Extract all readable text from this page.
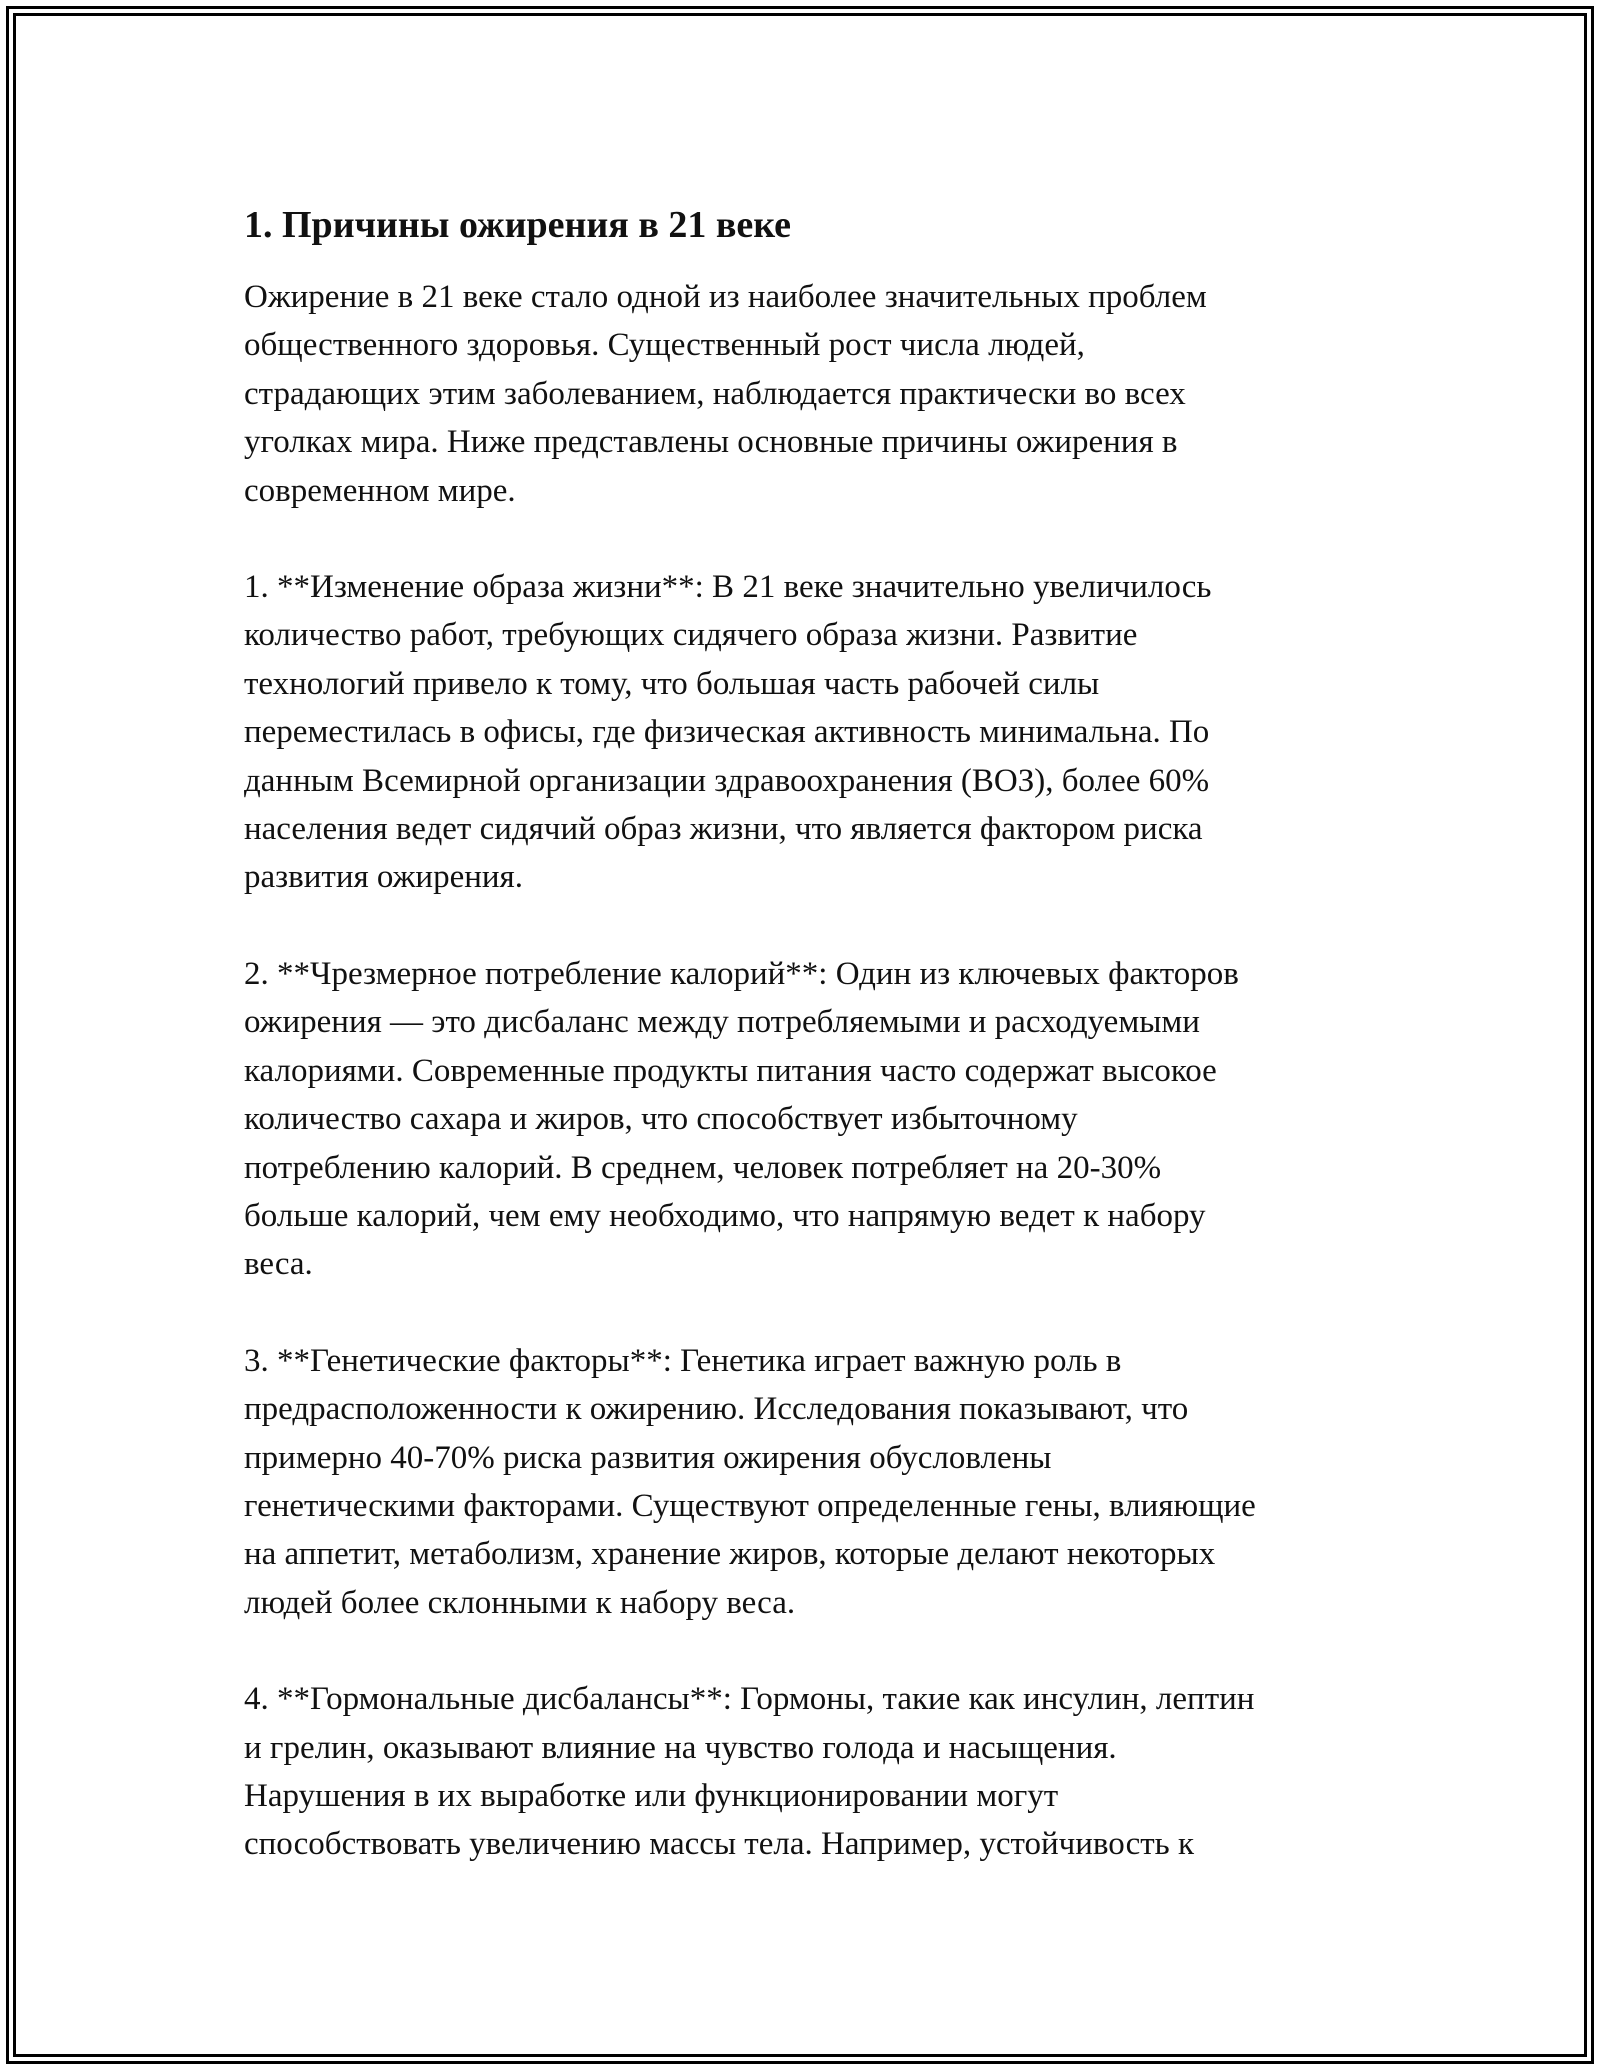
1. Причины ожирения в 21 веке

Ожирение в 21 веке стало одной из наиболее значительных проблем
общественного здоровья. Существенный рост числа людей,
страдающих этим заболеванием, наблюдается практически во всех
уголках мира. Ниже представлены основные причины ожирения в
современном мире.

1. **Изменение образа жизни**: В 21 веке значительно увеличилось
количество работ, требующих сидячего образа жизни. Развитие
технологий привело к тому, что большая часть рабочей силы
переместилась в офисы, где физическая активность минимальна. По
данным Всемирной организации здравоохранения (ВОЗ), более 60%
населения ведет сидячий образ жизни, что является фактором риска
развития ожирения.

2. **Чрезмерное потребление калорий**: Один из ключевых факторов
ожирения — это дисбаланс между потребляемыми и расходуемыми
калориями. Современные продукты питания часто содержат высокое
количество сахара и жиров, что способствует избыточному
потреблению калорий. В среднем, человек потребляет на 20-30%
больше калорий, чем ему необходимо, что напрямую ведет к набору
веса.

3. **Генетические факторы**: Генетика играет важную роль в
предрасположенности к ожирению. Исследования показывают, что
примерно 40-70% риска развития ожирения обусловлены
генетическими факторами. Существуют определенные гены, влияющие
на аппетит, метаболизм, хранение жиров, которые делают некоторых
людей более склонными к набору веса.

4. **Гормональные дисбалансы**: Гормоны, такие как инсулин, лептин
и грелин, оказывают влияние на чувство голода и насыщения.
Нарушения в их выработке или функционировании могут
способствовать увеличению массы тела. Например, устойчивость к
